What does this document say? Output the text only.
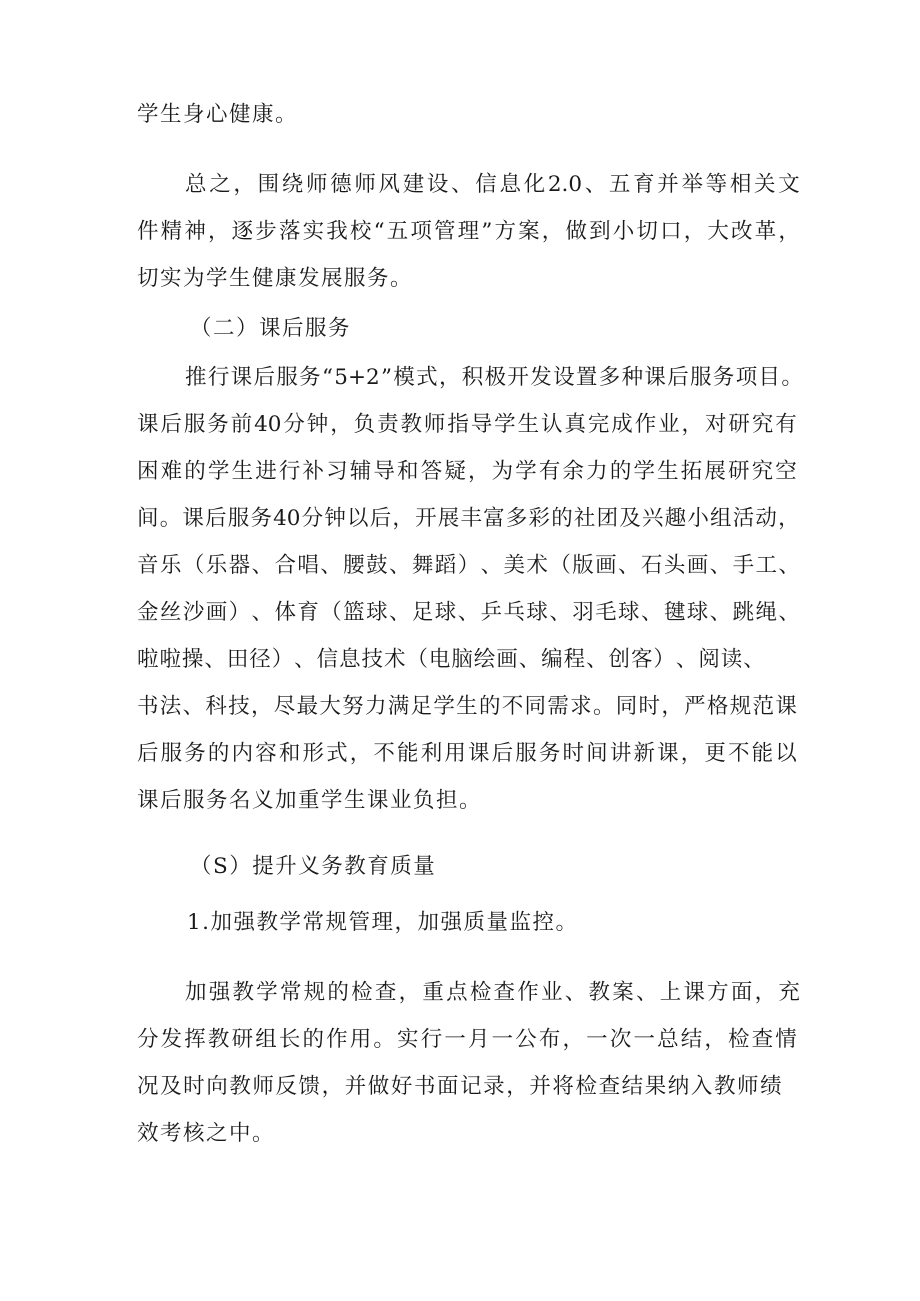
学生身心健康。
总 之 ， 围 绕 师 德 师 风 建 设 、 信 息 化 2.0 、 五 育 并 举 等 相 关 文
件 精 神 ， 逐 步 落 实 我 校 “ 五 项 管 理 ” 方 案 ， 做 到 小 切 口 ， 大 改 革 ，
切实为学生健康发展服务。
（二）课后服务
推 行 课 后 服 务 “ 5+2 ” 模 式 ， 积 极 开 发 设 置 多 种 课 后 服 务 项 目 。
课 后 服 务 前 40 分 钟 ， 负 责 教 师 指 导 学 生 认 真 完 成 作 业 ， 对 研 究 有
困 难 的 学 生 进 行 补 习 辅 导 和 答 疑 ， 为 学 有 余 力 的 学 生 拓 展 研 究 空
间 。 课 后 服 务 40 分 钟 以 后 ， 开 展 丰 富 多 彩 的 社 团 及 兴 趣 小 组 活 动 ，
音 乐 （ 乐 器 、 合 唱 、 腰 鼓 、 舞 蹈 ） 、 美 术 （ 版 画 、 石 头 画 、 手 工 、
金 丝 沙 画 ） 、 体 育 （ 篮 球 、 足 球 、 乒 乓 球 、 羽 毛 球 、 毽 球 、 跳 绳 、
啦 啦 操 、 田 径 ） 、 信 息 技 术 （ 电 脑 绘 画 、 编 程 、 创 客 ） 、 阅 读 、
书 法 、 科 技 ， 尽 最 大 努 力 满 足 学 生 的 不 同 需 求 。 同 时 ， 严 格 规 范 课
后 服 务 的 内 容 和 形 式 ， 不 能 利 用 课 后 服 务 时 间 讲 新 课 ， 更 不 能 以
课后服务名义加重学生课业负担。
（S）提升义务教育质量
1.加强教学常规管理，加强质量监控。
加 强 教 学 常 规 的 检 查 ， 重 点 检 查 作 业 、 教 案 、 上 课 方 面 ， 充
分 发 挥 教 研 组 长 的 作 用 。 实 行 一 月 一 公 布 ， 一 次 一 总 结 ， 检 查 情
况 及 时 向 教 师 反 馈 ， 并 做 好 书 面 记 录 ， 并 将 检 查 结 果 纳 入 教 师 绩
效考核之中。
